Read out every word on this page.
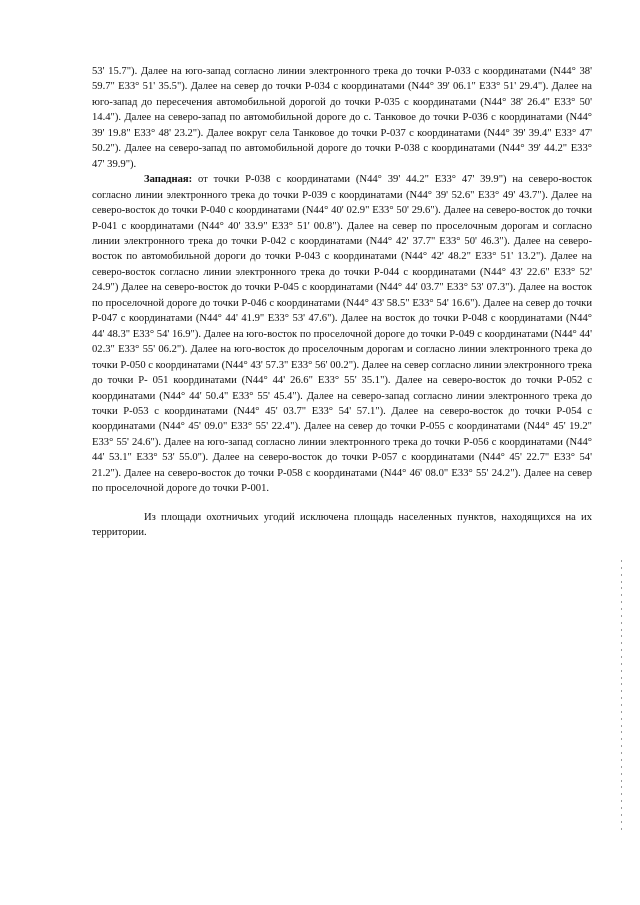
53' 15.7"). Далее на юго-запад согласно линии электронного трека до точки Р-033 с координатами (N44° 38' 59.7" E33° 51' 35.5"). Далее на север до точки Р-034 с координатами (N44° 39' 06.1" E33° 51' 29.4"). Далее на юго-запад до пересечения автомобильной дорогой до точки Р-035 с координатами (N44° 38' 26.4" E33° 50' 14.4"). Далее на северо-запад по автомобильной дороге до с. Танковое до точки Р-036 с координатами (N44° 39' 19.8" E33° 48' 23.2"). Далее вокруг села Танковое до точки Р-037 с координатами (N44° 39' 39.4" E33° 47' 50.2"). Далее на северо-запад по автомобильной дороге до точки Р-038 с координатами (N44° 39' 44.2" E33° 47' 39.9").

Западная: от точки Р-038 с координатами (N44° 39' 44.2" E33° 47' 39.9") на северо-восток согласно линии электронного трека до точки Р-039 с координатами (N44° 39' 52.6" E33° 49' 43.7"). Далее на северо-восток до точки Р-040 с координатами (N44° 40' 02.9" E33° 50' 29.6"). Далее на северо-восток до точки Р-041 с координатами (N44° 40' 33.9" E33° 51' 00.8"). Далее на север по проселочным дорогам и согласно линии электронного трека до точки Р-042 с координатами (N44° 42' 37.7" E33° 50' 46.3"). Далее на северо-восток по автомобильной дороги до точки Р-043 с координатами (N44° 42' 48.2" E33° 51' 13.2"). Далее на северо-восток согласно линии электронного трека до точки Р-044 с координатами (N44° 43' 22.6" E33° 52' 24.9") Далее на северо-восток до точки Р-045 с координатами (N44° 44' 03.7" E33° 53' 07.3"). Далее на восток по проселочной дороге до точки Р-046 с координатами (N44° 43' 58.5" E33° 54' 16.6"). Далее на север до точки Р-047 с координатами (N44° 44' 41.9" E33° 53' 47.6"). Далее на восток до точки Р-048 с координатами (N44° 44' 48.3" E33° 54' 16.9"). Далее на юго-восток по проселочной дороге до точки Р-049 с координатами (N44° 44' 02.3" E33° 55' 06.2"). Далее на юго-восток до проселочным дорогам и согласно линии электронного трека до точки Р-050 с координатами (N44° 43' 57.3" E33° 56' 00.2"). Далее на север согласно линии электронного трека до точки Р- 051 координатами (N44° 44' 26.6" E33° 55' 35.1"). Далее на северо-восток до точки Р-052 с координатами (N44° 44' 50.4" E33° 55' 45.4"). Далее на северо-запад согласно линии электронного трека до точки Р-053 с координатами (N44° 45' 03.7" E33° 54' 57.1"). Далее на северо-восток до точки Р-054 с координатами (N44° 45' 09.0" E33° 55' 22.4"). Далее на север до точки Р-055 с координатами (N44° 45' 19.2" E33° 55' 24.6"). Далее на юго-запад согласно линии электронного трека до точки Р-056 с координатами (N44° 44' 53.1" E33° 53' 55.0"). Далее на северо-восток до точки Р-057 с координатами (N44° 45' 22.7" E33° 54' 21.2"). Далее на северо-восток до точки Р-058 с координатами (N44° 46' 08.0" E33° 55' 24.2"). Далее на север по проселочной дороге до точки Р-001.

Из площади охотничьих угодий исключена площадь населенных пунктов, находящихся на их территории.
